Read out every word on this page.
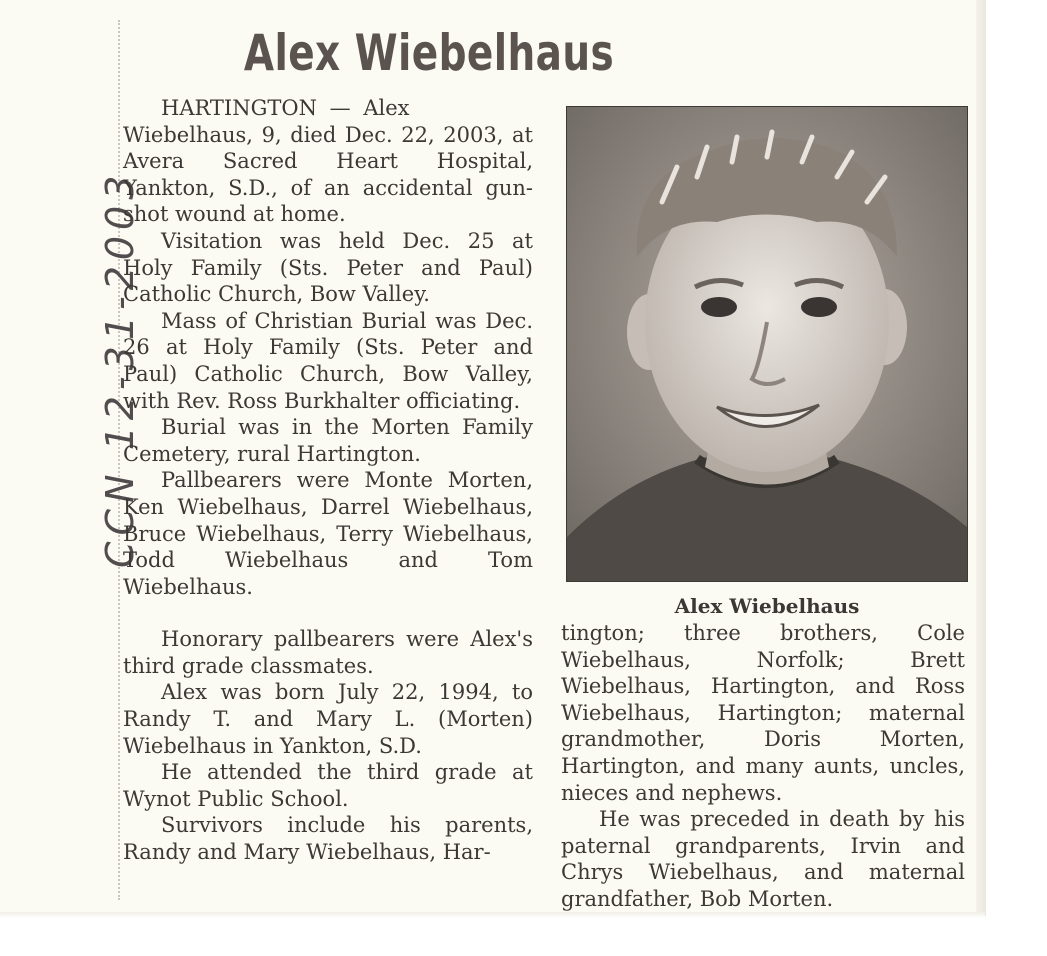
Alex Wiebelhaus
CCN 12-31-2003

HARTINGTON — Alex

Wiebelhaus, 9, died Dec. 22, 2003, at Avera Sacred Heart Hospital, Yankton, S.D., of an accidental gun-shot wound at home.

Visitation was held Dec. 25 at Holy Family (Sts. Peter and Paul) Catholic Church, Bow Valley.

Mass of Christian Burial was Dec. 26 at Holy Family (Sts. Peter and Paul) Catholic Church, Bow Valley, with Rev. Ross Burkhalter officiating.

Burial was in the Morten Family Cemetery, rural Hartington.

Pallbearers were Monte Morten, Ken Wiebelhaus, Darrel Wiebelhaus, Bruce Wiebelhaus, Terry Wiebelhaus, Todd Wiebelhaus and Tom Wiebelhaus.

Honorary pallbearers were Alex's third grade classmates.

Alex was born July 22, 1994, to Randy T. and Mary L. (Morten) Wiebelhaus in Yankton, S.D.

He attended the third grade at Wynot Public School.

Survivors include his parents, Randy and Mary Wiebelhaus, Har-

Alex Wiebelhaus

tington; three brothers, Cole Wiebelhaus, Norfolk; Brett Wiebelhaus, Hartington, and Ross Wiebelhaus, Hartington; maternal grandmother, Doris Morten, Hartington, and many aunts, uncles, nieces and nephews.

He was preceded in death by his paternal grandparents, Irvin and Chrys Wiebelhaus, and maternal grandfather, Bob Morten.
